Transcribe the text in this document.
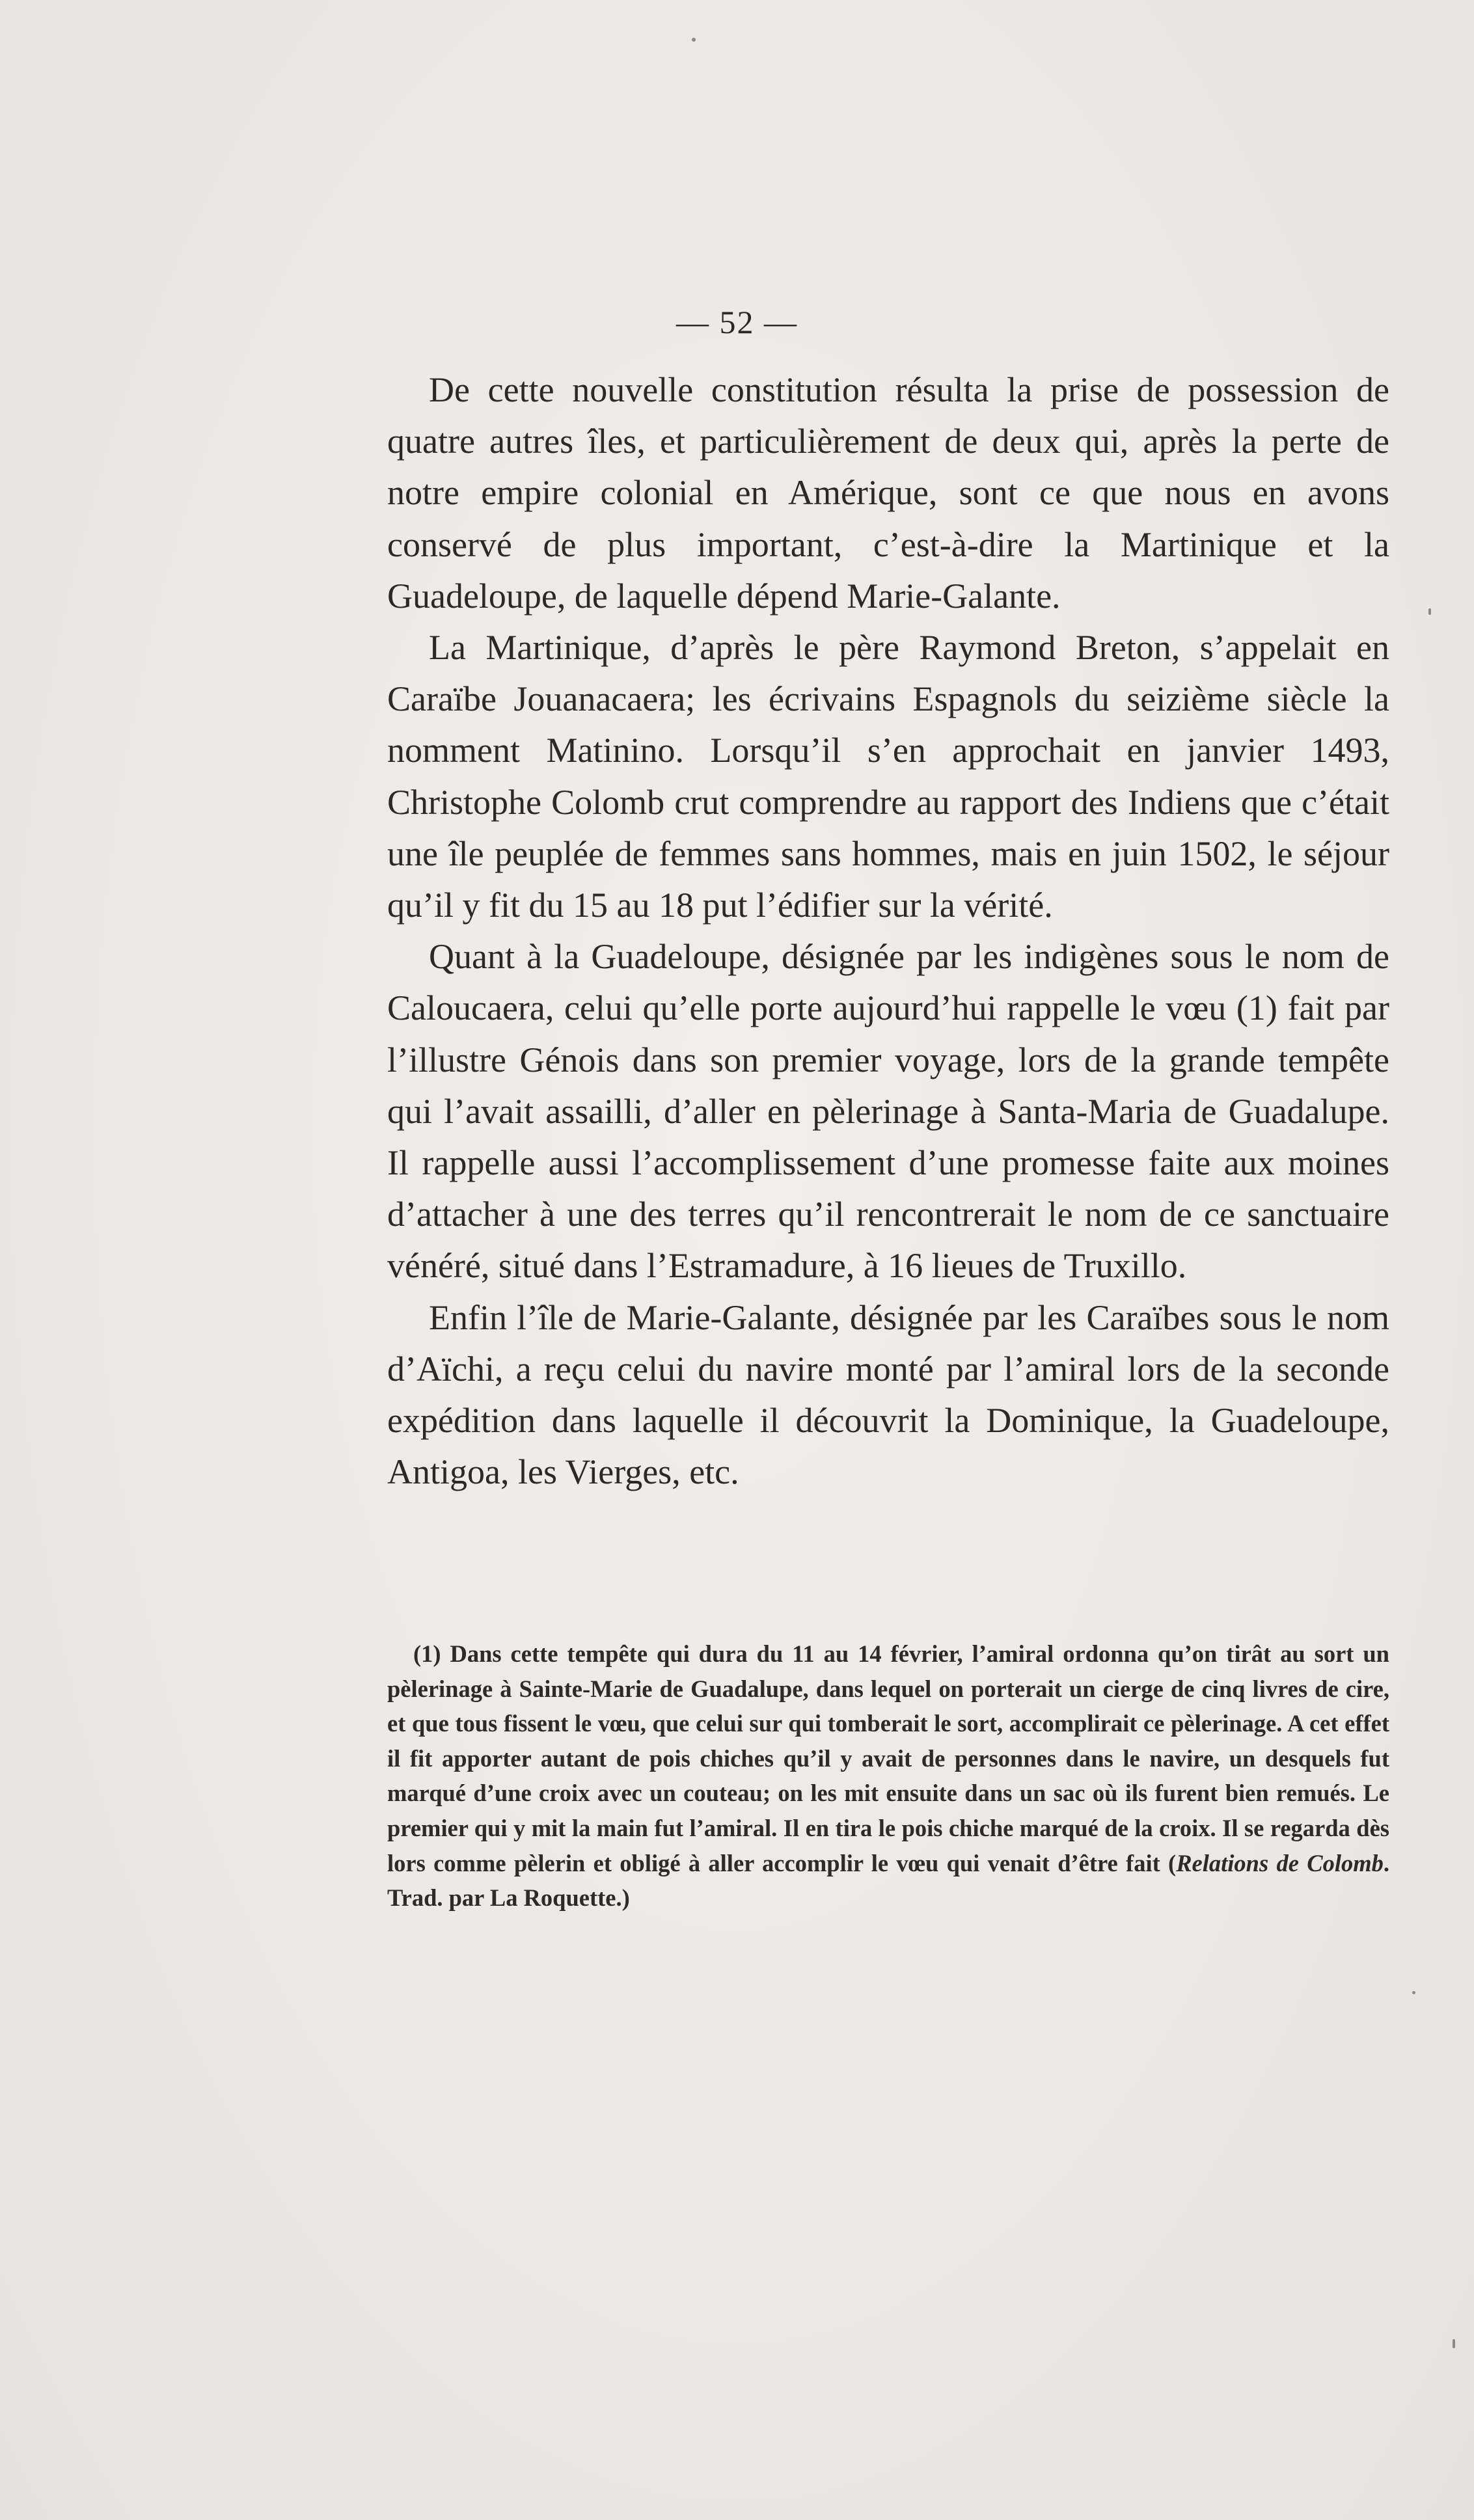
— 52 —

De cette nouvelle constitution résulta la prise de possession de quatre autres îles, et particulièrement de deux qui, après la perte de notre empire colonial en Amérique, sont ce que nous en avons conservé de plus important, c’est-à-dire la Martinique et la Guadeloupe, de laquelle dépend Marie-Galante.

La Martinique, d’après le père Raymond Breton, s’appelait en Caraïbe Jouanacaera; les écrivains Espagnols du seizième siècle la nomment Matinino. Lorsqu’il s’en approchait en janvier 1493, Christophe Colomb crut comprendre au rapport des Indiens que c’était une île peuplée de femmes sans hommes, mais en juin 1502, le séjour qu’il y fit du 15 au 18 put l’édifier sur la vérité.

Quant à la Guadeloupe, désignée par les indigènes sous le nom de Caloucaera, celui qu’elle porte aujourd’hui rappelle le vœu (1) fait par l’illustre Génois dans son premier voyage, lors de la grande tempête qui l’avait assailli, d’aller en pèlerinage à Santa-Maria de Guadalupe. Il rappelle aussi l’accomplissement d’une promesse faite aux moines d’attacher à une des terres qu’il rencontrerait le nom de ce sanctuaire vénéré, situé dans l’Estramadure, à 16 lieues de Truxillo.

Enfin l’île de Marie-Galante, désignée par les Caraïbes sous le nom d’Aïchi, a reçu celui du navire monté par l’amiral lors de la seconde expédition dans laquelle il découvrit la Dominique, la Guadeloupe, Antigoa, les Vierges, etc.

(1) Dans cette tempête qui dura du 11 au 14 février, l’amiral ordonna qu’on tirât au sort un pèlerinage à Sainte-Marie de Guadalupe, dans lequel on porterait un cierge de cinq livres de cire, et que tous fissent le vœu, que celui sur qui tomberait le sort, accomplirait ce pèlerinage. A cet effet il fit apporter autant de pois chiches qu’il y avait de personnes dans le navire, un desquels fut marqué d’une croix avec un couteau; on les mit ensuite dans un sac où ils furent bien remués. Le premier qui y mit la main fut l’amiral. Il en tira le pois chiche marqué de la croix. Il se regarda dès lors comme pèlerin et obligé à aller accomplir le vœu qui venait d’être fait (Relations de Colomb. Trad. par La Roquette.)
